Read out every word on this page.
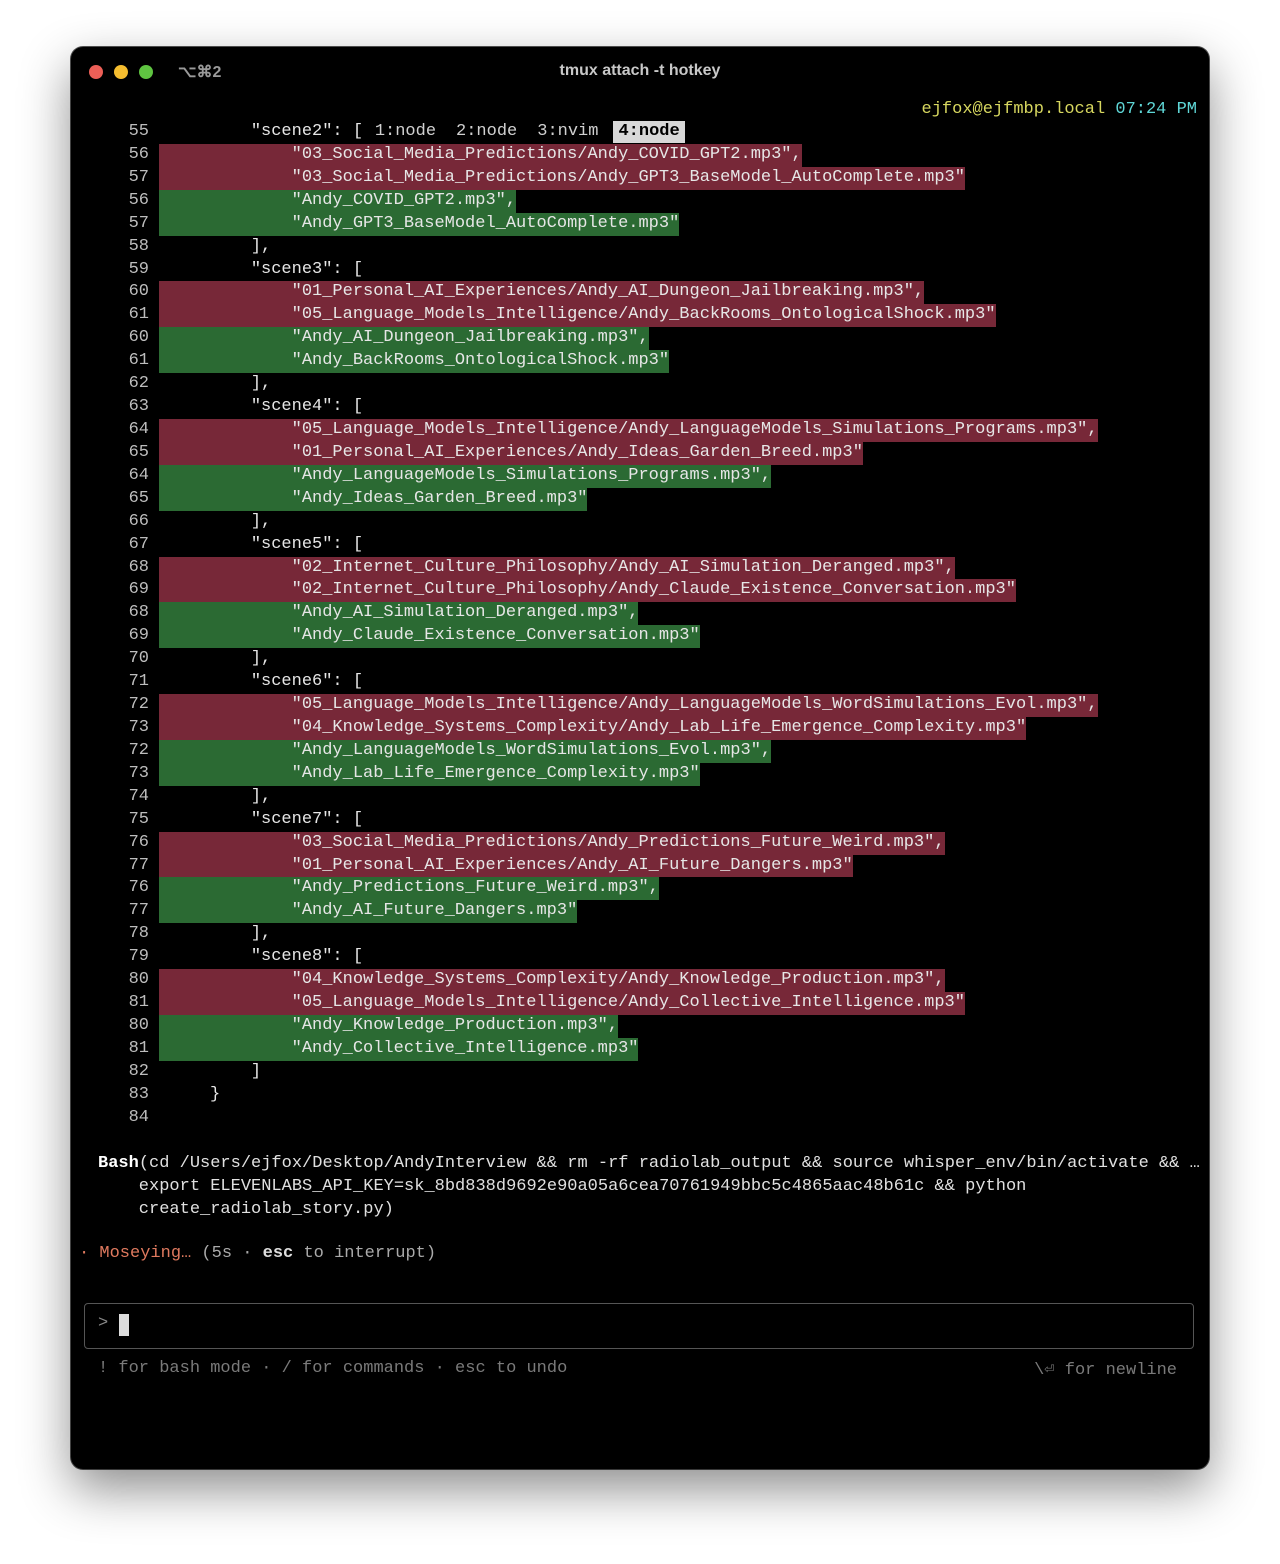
⌥⌘2	tmux attach -t hotkey

1:node 2:node 3:nvim 4:node

ejfox@ejfmbp.local 07:24 PM
55         "scene2": [
56             "03_Social_Media_Predictions/Andy_COVID_GPT2.mp3",
57             "03_Social_Media_Predictions/Andy_GPT3_BaseModel_AutoComplete.mp3"
56             "Andy_COVID_GPT2.mp3",
57             "Andy_GPT3_BaseModel_AutoComplete.mp3"
58         ],
59         "scene3": [
60             "01_Personal_AI_Experiences/Andy_AI_Dungeon_Jailbreaking.mp3",
61             "05_Language_Models_Intelligence/Andy_BackRooms_OntologicalShock.mp3"
60             "Andy_AI_Dungeon_Jailbreaking.mp3",
61             "Andy_BackRooms_OntologicalShock.mp3"
62         ],
63         "scene4": [
64             "05_Language_Models_Intelligence/Andy_LanguageModels_Simulations_Programs.mp3",
65             "01_Personal_AI_Experiences/Andy_Ideas_Garden_Breed.mp3"
64             "Andy_LanguageModels_Simulations_Programs.mp3",
65             "Andy_Ideas_Garden_Breed.mp3"
66         ],
67         "scene5": [
68             "02_Internet_Culture_Philosophy/Andy_AI_Simulation_Deranged.mp3",
69             "02_Internet_Culture_Philosophy/Andy_Claude_Existence_Conversation.mp3"
68             "Andy_AI_Simulation_Deranged.mp3",
69             "Andy_Claude_Existence_Conversation.mp3"
70         ],
71         "scene6": [
72             "05_Language_Models_Intelligence/Andy_LanguageModels_WordSimulations_Evol.mp3",
73             "04_Knowledge_Systems_Complexity/Andy_Lab_Life_Emergence_Complexity.mp3"
72             "Andy_LanguageModels_WordSimulations_Evol.mp3",
73             "Andy_Lab_Life_Emergence_Complexity.mp3"
74         ],
75         "scene7": [
76             "03_Social_Media_Predictions/Andy_Predictions_Future_Weird.mp3",
77             "01_Personal_AI_Experiences/Andy_AI_Future_Dangers.mp3"
76             "Andy_Predictions_Future_Weird.mp3",
77             "Andy_AI_Future_Dangers.mp3"
78         ],
79         "scene8": [
80             "04_Knowledge_Systems_Complexity/Andy_Knowledge_Production.mp3",
81             "05_Language_Models_Intelligence/Andy_Collective_Intelligence.mp3"
80             "Andy_Knowledge_Production.mp3",
81             "Andy_Collective_Intelligence.mp3"
82         ]
83     }
84
Bash(cd /Users/ejfox/Desktop/AndyInterview && rm -rf radiolab_output && source whisper_env/bin/activate && …
export ELEVENLABS_API_KEY=sk_8bd838d9692e90a05a6cea70761949bbc5c4865aac48b61c && python
create_radiolab_story.py)
· Moseying… (5s · esc to interrupt)
>
! for bash mode · / for commands · esc to undo	\⏎ for newline
